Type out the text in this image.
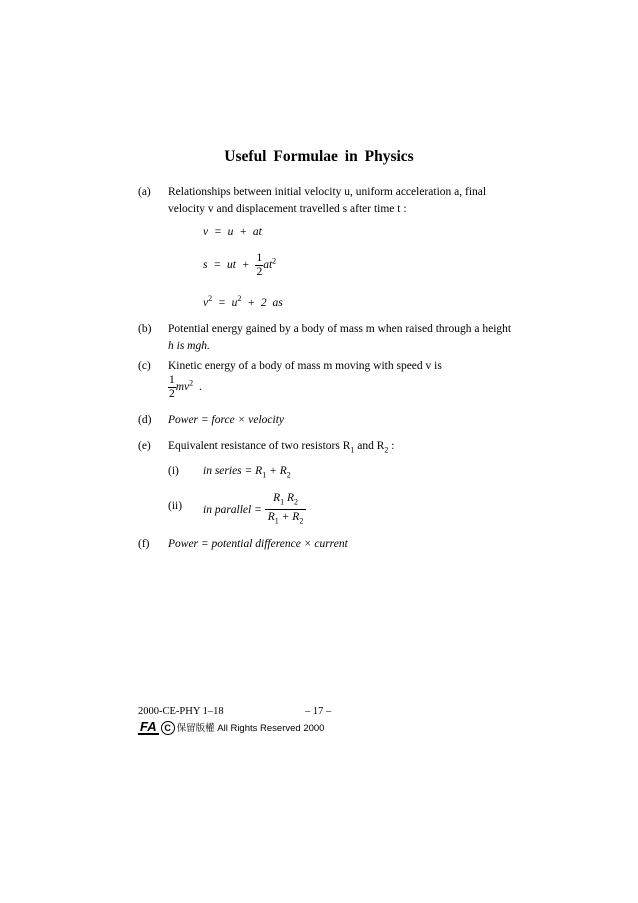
Useful Formulae in Physics
(a) Relationships between initial velocity u, uniform acceleration a, final
velocity v and displacement travelled s after time t :
v = u + at
s = ut + $\frac{1}{2} at^2$
$v^2 = u^2 + 2$ as
(b) Potential energy gained by a body of mass m when raised through a height
h is mgh.
(c) Kinetic energy of a body of mass m moving with speed v is
$\frac{1}{2} mv^2$ .
(d) Power = force × velocity
(e) Equivalent resistance of two resistors $R_1$ and $R_2$ :
(i) in series = $R_1 + R_2$
(ii) in parallel = $\frac{R_1 R_2}{R_1 + R_2}$
(f) Power = potential difference × current
2000-CE-PHY 1–18	– 17 –
FA C 保留版權 All Rights Reserved 2000
